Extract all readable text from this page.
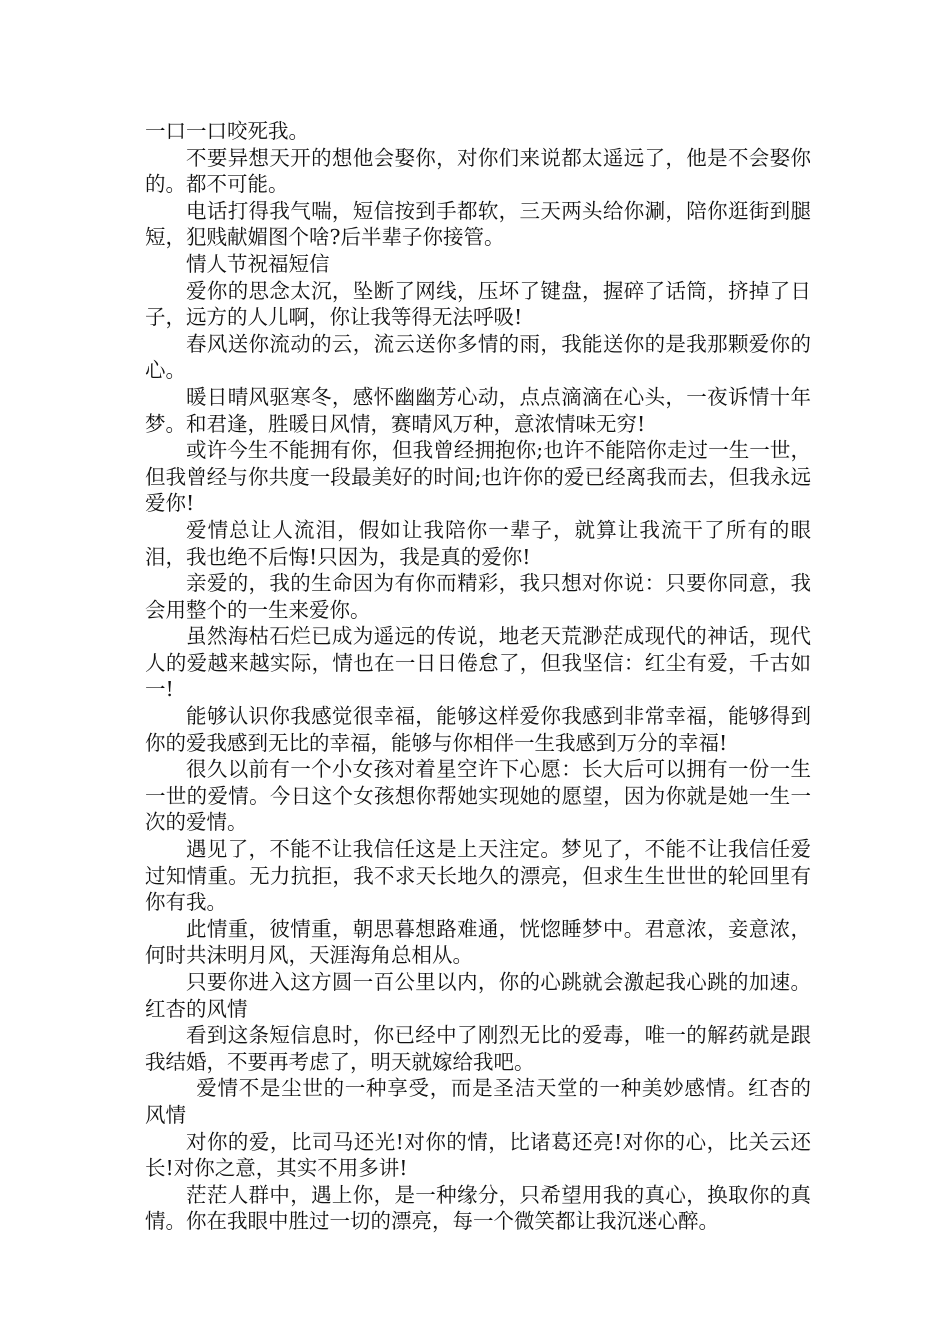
一口一口咬死我。

不要异想天开的想他会娶你，对你们来说都太遥远了，他是不会娶你的。都不可能。

电话打得我气喘，短信按到手都软，三天两头给你涮，陪你逛街到腿短，犯贱献媚图个啥?后半辈子你接管。

情人节祝福短信

爱你的思念太沉，坠断了网线，压坏了键盘，握碎了话筒，挤掉了日子，远方的人儿啊，你让我等得无法呼吸!

春风送你流动的云，流云送你多情的雨，我能送你的是我那颗爱你的心。

暖日晴风驱寒冬，感怀幽幽芳心动，点点滴滴在心头，一夜诉情十年梦。和君逢，胜暖日风情，赛晴风万种，意浓情味无穷!

或许今生不能拥有你，但我曾经拥抱你;也许不能陪你走过一生一世，但我曾经与你共度一段最美好的时间;也许你的爱已经离我而去，但我永远爱你!

爱情总让人流泪，假如让我陪你一辈子，就算让我流干了所有的眼泪，我也绝不后悔!只因为，我是真的爱你!

亲爱的，我的生命因为有你而精彩，我只想对你说：只要你同意，我会用整个的一生来爱你。

虽然海枯石烂已成为遥远的传说，地老天荒渺茫成现代的神话，现代人的爱越来越实际，情也在一日日倦怠了，但我坚信：红尘有爱，千古如一!

能够认识你我感觉很幸福，能够这样爱你我感到非常幸福，能够得到你的爱我感到无比的幸福，能够与你相伴一生我感到万分的幸福!

很久以前有一个小女孩对着星空许下心愿：长大后可以拥有一份一生一世的爱情。今日这个女孩想你帮她实现她的愿望，因为你就是她一生一次的爱情。

遇见了，不能不让我信任这是上天注定。梦见了，不能不让我信任爱过知情重。无力抗拒，我不求天长地久的漂亮，但求生生世世的轮回里有你有我。

此情重，彼情重，朝思暮想路难通，恍惚睡梦中。君意浓，妾意浓，何时共沫明月风，天涯海角总相从。

只要你进入这方圆一百公里以内，你的心跳就会激起我心跳的加速。 红杏的风情

看到这条短信息时，你已经中了刚烈无比的爱毒，唯一的解药就是跟我结婚，不要再考虑了，明天就嫁给我吧。

爱情不是尘世的一种享受，而是圣洁天堂的一种美妙感情。红杏的风情

对你的爱，比司马还光!对你的情，比诸葛还亮!对你的心，比关云还长!对你之意，其实不用多讲!

茫茫人群中，遇上你，是一种缘分，只希望用我的真心，换取你的真情。你在我眼中胜过一切的漂亮，每一个微笑都让我沉迷心醉。
